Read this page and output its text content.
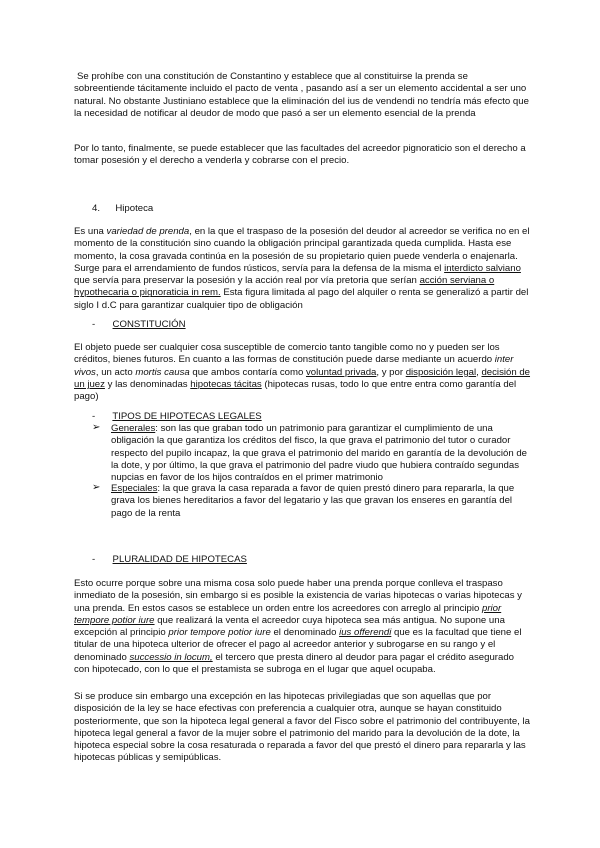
Se prohíbe con una constitución de Constantino y establece que al constituirse la prenda se sobreentiende tácitamente incluido el pacto de venta , pasando así a ser un elemento accidental a ser uno natural. No obstante Justiniano establece que la eliminación del ius de vendendi no tendría más efecto que la necesidad de notificar al deudor de modo que pasó a ser un elemento esencial de la prenda

Por lo tanto, finalmente, se puede establecer que las facultades del acreedor pignoraticio son el derecho a tomar posesión y el derecho a venderla y cobrarse con el precio.

4. Hipoteca

Es una variedad de prenda, en la que el traspaso de la posesión del deudor al acreedor se verifica no en el momento de la constitución sino cuando la obligación principal garantizada queda cumplida. Hasta ese momento, la cosa gravada continúa en la posesión de su propietario quien puede venderla o enajenarla. Surge para el arrendamiento de fundos rústicos, servía para la defensa de la misma el interdicto salviano que servía para preservar la posesión y la acción real por vía pretoria que serían acción serviana o hypothecaria o pignoraticia in rem. Esta figura limitada al pago del alquiler o renta se generalizó a partir del siglo I d.C para garantizar cualquier tipo de obligación

- CONSTITUCIÓN

El objeto puede ser cualquier cosa susceptible de comercio tanto tangible como no y pueden ser los créditos, bienes futuros. En cuanto a las formas de constitución puede darse mediante un acuerdo inter vivos, un acto mortis causa que ambos contaría como voluntad privada, y por disposición legal, decisión de un juez y las denominadas hipotecas tácitas (hipotecas rusas, todo lo que entre entra como garantía del pago)

- TIPOS DE HIPOTECAS LEGALES
➢ Generales: son las que graban todo un patrimonio para garantizar el cumplimiento de una obligación la que garantiza los créditos del fisco, la que grava el patrimonio del tutor o curador respecto del pupilo incapaz, la que grava el patrimonio del marido en garantía de la devolución de la dote, y por último, la que grava el patrimonio del padre viudo que hubiera contraído segundas nupcias en favor de los hijos contraídos en el primer matrimonio

➢ Especiales: la que grava la casa reparada a favor de quien prestó dinero para repararla, la que grava los bienes hereditarios a favor del legatario y las que gravan los enseres en garantía del pago de la renta

- PLURALIDAD DE HIPOTECAS

Esto ocurre porque sobre una misma cosa solo puede haber una prenda porque conlleva el traspaso inmediato de la posesión, sin embargo si es posible la existencia de varias hipotecas o varias hipotecas y una prenda. En estos casos se establece un orden entre los acreedores con arreglo al principio prior tempore potior iure que realizará la venta el acreedor cuya hipoteca sea más antigua. No supone una excepción al principio prior tempore potior iure el denominado ius offerendi que es la facultad que tiene el titular de una hipoteca ulterior de ofrecer el pago al acreedor anterior y subrogarse en su rango y el denominado successio in locum, el tercero que presta dinero al deudor para pagar el crédito asegurado con hipotecado, con lo que el prestamista se subroga en el lugar que aquel ocupaba.

Si se produce sin embargo una excepción en las hipotecas privilegiadas que son aquellas que por disposición de la ley se hace efectivas con preferencia a cualquier otra, aunque se hayan constituido posteriormente, que son la hipoteca legal general a favor del Fisco sobre el patrimonio del contribuyente, la hipoteca legal general a favor de la mujer sobre el patrimonio del marido para la devolución de la dote, la hipoteca especial sobre la cosa resaturada o reparada a favor del que prestó el dinero para repararla y las hipotecas públicas y semipúblicas.
